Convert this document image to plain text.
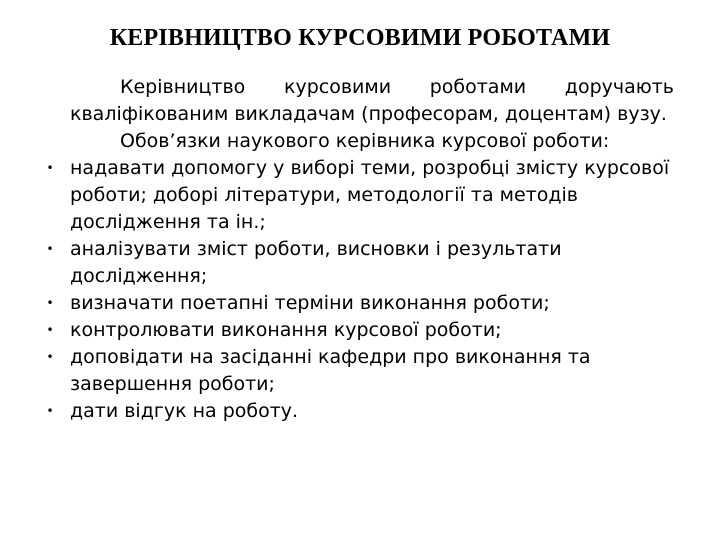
КЕРІВНИЦТВО КУРСОВИМИ РОБОТАМИ

Керівництво курсовими роботами доручають кваліфікованим викладачам (професорам, доцентам) вузу.

Обов’язки наукового керівника курсової роботи:

• надавати допомогу у виборі теми, розробці змісту курсової роботи; доборі літератури, методології та методів дослідження та ін.;
• аналізувати зміст роботи, висновки і результати дослідження;
• визначати поетапні терміни виконання роботи;
• контролювати виконання курсової роботи;
• доповідати на засіданні кафедри про виконання та завершення роботи;
• дати відгук на роботу.
